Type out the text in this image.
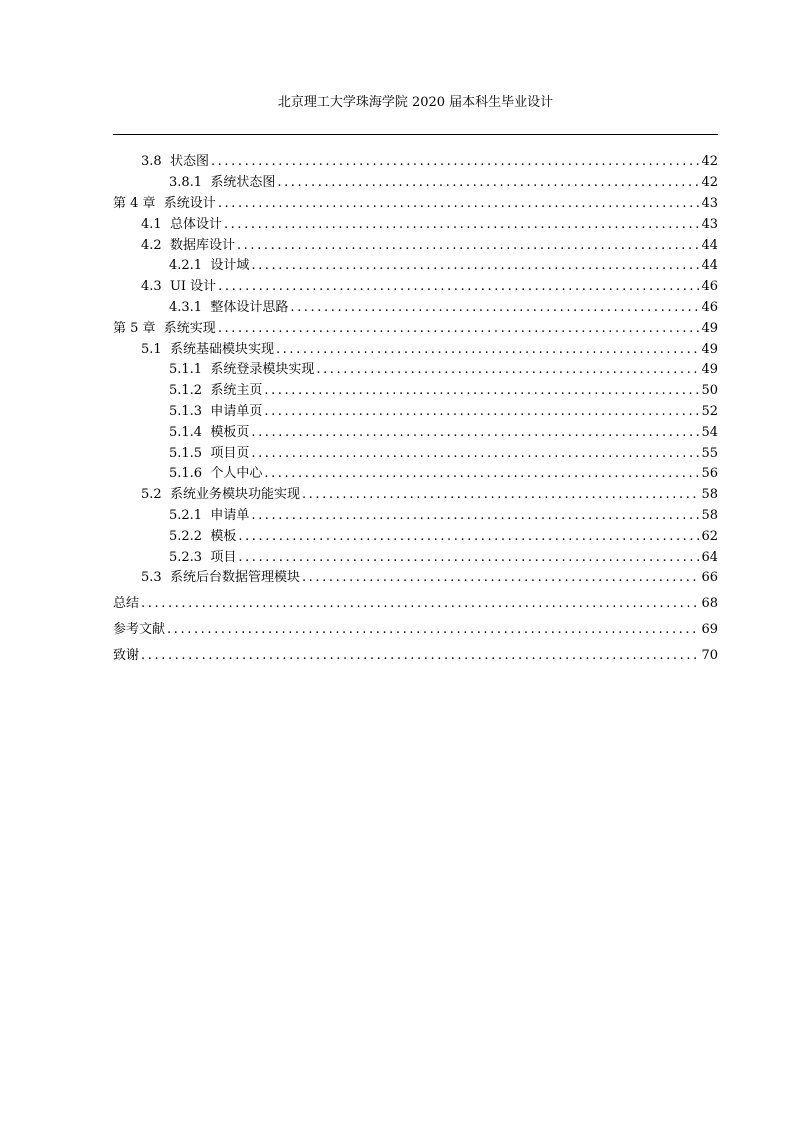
北京理工大学珠海学院 2020 届本科生毕业设计
3.8  状态图 .....	42
3.8.1  系统状态图 .....	42
第 4 章  系统设计 .....	43
4.1  总体设计 .....	43
4.2  数据库设计 .....	44
4.2.1  设计域 .....	44
4.3  UI 设计 .....	46
4.3.1  整体设计思路 .....	46
第 5 章  系统实现 .....	49
5.1  系统基础模块实现 .....	49
5.1.1  系统登录模块实现 .....	49
5.1.2  系统主页 .....	50
5.1.3  申请单页 .....	52
5.1.4  模板页 .....	54
5.1.5  项目页 .....	55
5.1.6  个人中心 .....	56
5.2  系统业务模块功能实现 .....	58
5.2.1  申请单 .....	58
5.2.2  模板 .....	62
5.2.3  项目 .....	64
5.3  系统后台数据管理模块 .....	66
总结 .....	68
参考文献 .....	69
致谢 .....	70
